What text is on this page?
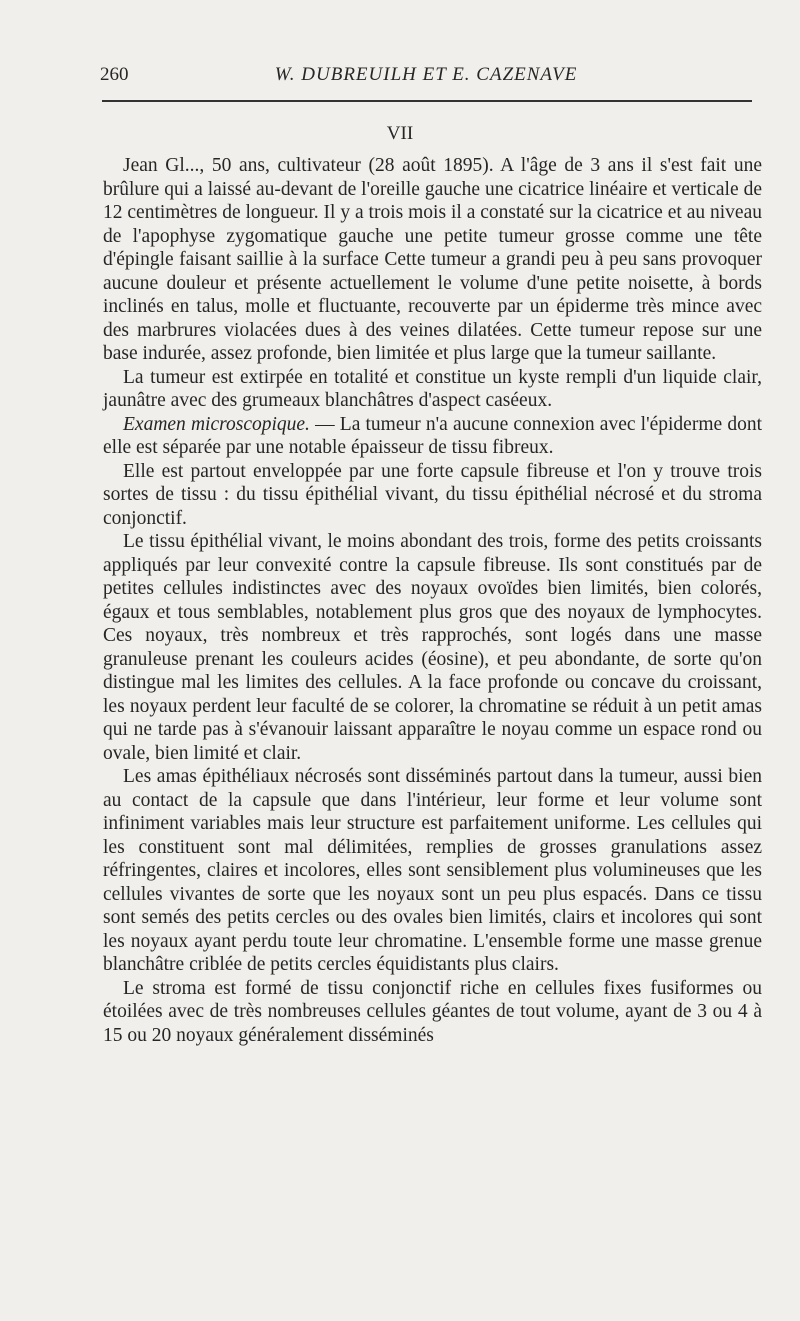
260	W. DUBREUILH ET E. CAZENAVE
VII

Jean Gl..., 50 ans, cultivateur (28 août 1895). A l'âge de 3 ans il s'est fait une brûlure qui a laissé au-devant de l'oreille gauche une cicatrice linéaire et verticale de 12 centimètres de longueur. Il y a trois mois il a constaté sur la cicatrice et au niveau de l'apophyse zygomatique gauche une petite tumeur grosse comme une tête d'épingle faisant saillie à la surface Cette tumeur a grandi peu à peu sans provoquer aucune douleur et présente actuellement le volume d'une petite noisette, à bords inclinés en talus, molle et fluctuante, recouverte par un épiderme très mince avec des marbrures violacées dues à des veines dilatées. Cette tumeur repose sur une base indurée, assez profonde, bien limitée et plus large que la tumeur saillante.

La tumeur est extirpée en totalité et constitue un kyste rempli d'un liquide clair, jaunâtre avec des grumeaux blanchâtres d'aspect caséeux.

Examen microscopique. — La tumeur n'a aucune connexion avec l'épiderme dont elle est séparée par une notable épaisseur de tissu fibreux.

Elle est partout enveloppée par une forte capsule fibreuse et l'on y trouve trois sortes de tissu : du tissu épithélial vivant, du tissu épithélial nécrosé et du stroma conjonctif.

Le tissu épithélial vivant, le moins abondant des trois, forme des petits croissants appliqués par leur convexité contre la capsule fibreuse. Ils sont constitués par de petites cellules indistinctes avec des noyaux ovoïdes bien limités, bien colorés, égaux et tous semblables, notablement plus gros que des noyaux de lymphocytes. Ces noyaux, très nombreux et très rapprochés, sont logés dans une masse granuleuse prenant les couleurs acides (éosine), et peu abondante, de sorte qu'on distingue mal les limites des cellules. A la face profonde ou concave du croissant, les noyaux perdent leur faculté de se colorer, la chromatine se réduit à un petit amas qui ne tarde pas à s'évanouir laissant apparaître le noyau comme un espace rond ou ovale, bien limité et clair.

Les amas épithéliaux nécrosés sont disséminés partout dans la tumeur, aussi bien au contact de la capsule que dans l'intérieur, leur forme et leur volume sont infiniment variables mais leur structure est parfaitement uniforme. Les cellules qui les constituent sont mal délimitées, remplies de grosses granulations assez réfringentes, claires et incolores, elles sont sensiblement plus volumineuses que les cellules vivantes de sorte que les noyaux sont un peu plus espacés. Dans ce tissu sont semés des petits cercles ou des ovales bien limités, clairs et incolores qui sont les noyaux ayant perdu toute leur chromatine. L'ensemble forme une masse grenue blanchâtre criblée de petits cercles équidistants plus clairs.

Le stroma est formé de tissu conjonctif riche en cellules fixes fusiformes ou étoilées avec de très nombreuses cellules géantes de tout volume, ayant de 3 ou 4 à 15 ou 20 noyaux généralement disséminés
